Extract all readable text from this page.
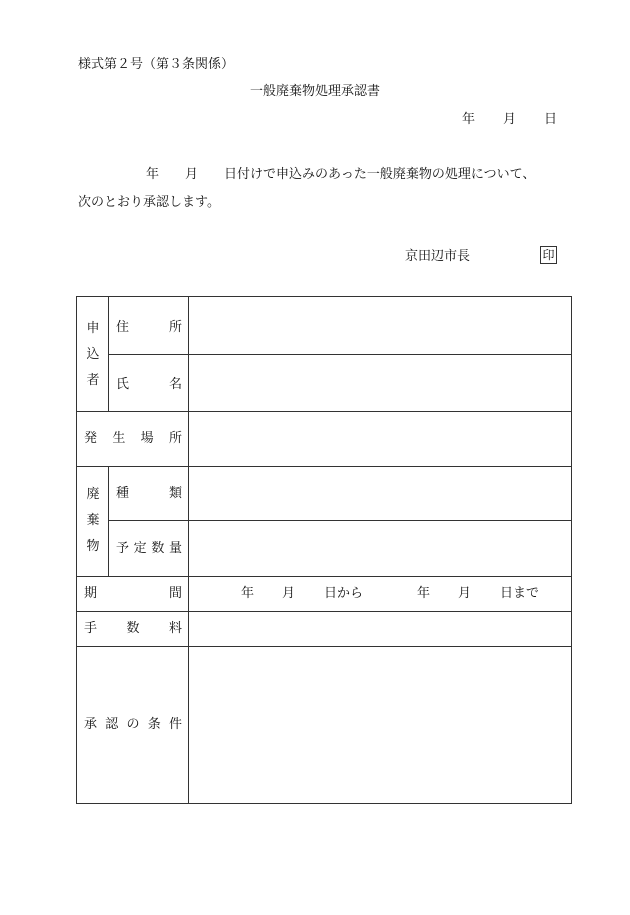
様式第２号（第３条関係）
一般廃棄物処理承認書
年 月 日
年　　月　　日付けで申込みのあった一般廃棄物の処理について、
次のとおり承認します。
京田辺市長	印
申
込
者
住	所
氏	名
発 生 場 所
廃
棄
物
種	類
予 定 数 量
期	間	年 月 日から	年 月 日まで
手 数 料
承 認 の 条 件
